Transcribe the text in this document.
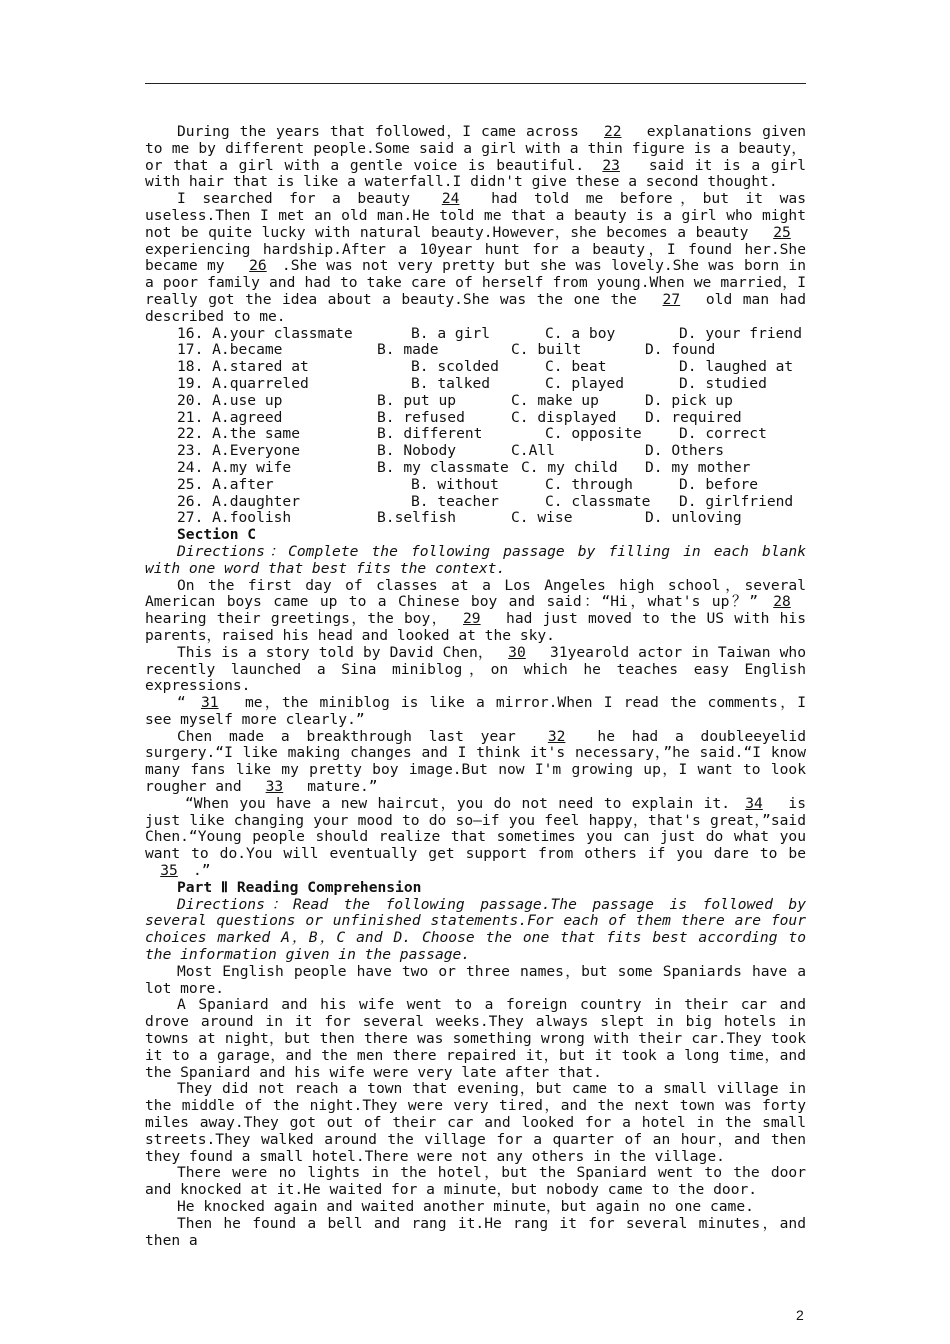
During the years that followed，I came across 22 explanations given to me by different people.Some said a girl with a thin figure is a beauty，or that a girl with a gentle voice is beautiful. 23 said it is a girl with hair that is like a waterfall.I didn't give these a second thought.

I searched for a beauty 24 had told me before，but it was useless.Then I met an old man.He told me that a beauty is a girl who might not be quite lucky with natural beauty.However，she becomes a beauty 25 experiencing hardship.After a 10year hunt for a beauty，I found her.She became my 26 .She was not very pretty but she was lovely.She was born in a poor family and had to take care of herself from young.When we married，I really got the idea about a beauty.She was the one the 27 old man had described to me.

16. A.your classmate	B. a girl	C. a boy	D. your friend
17. A.became	B. made	C. built	D. found
18. A.stared at	B. scolded	C. beat	D. laughed at
19. A.quarreled	B. talked	C. played	D. studied
20. A.use up	B. put up	C. make up	D. pick up
21. A.agreed	B. refused	C. displayed	D. required
22. A.the same	B. different	C. opposite	D. correct
23. A.Everyone	B. Nobody	C.All	D. Others
24. A.my wife	B. my classmate C. my child	D. my mother
25. A.after	B. without	C. through	D. before
26. A.daughter	B. teacher	C. classmate	D. girlfriend
27. A.foolish	B.selfish	C. wise	D. unloving

Section C

Directions：Complete the following passage by filling in each blank with one word that best fits the context.

On the first day of classes at a Los Angeles high school，several American boys came up to a Chinese boy and said：“Hi，what's up？” 28 hearing their greetings，the boy， 29 had just moved to the US with his parents，raised his head and looked at the sky.

This is a story told by David Chen， 30 31yearold actor in Taiwan who recently launched a Sina miniblog，on which he teaches easy English expressions.

“ 31 me，the miniblog is like a mirror.When I read the comments，I see myself more clearly.”

Chen made a breakthrough last year 32 he had a doubleeyelid surgery.“I like making changes and I think it's necessary，”he said.“I know many fans like my pretty boy image.But now I'm growing up，I want to look rougher and 33 mature.”

“When you have a new haircut，you do not need to explain it. 34 is just like changing your mood to do so—if you feel happy，that's great，”said Chen.“Young people should realize that sometimes you can just do what you want to do.You will eventually get support from others if you dare to be 35 .”

Part Ⅱ Reading Comprehension

Directions：Read the following passage.The passage is followed by several questions or unfinished statements.For each of them there are four choices marked A，B，C and D. Choose the one that fits best according to the information given in the passage.

Most English people have two or three names，but some Spaniards have a lot more.

A Spaniard and his wife went to a foreign country in their car and drove around in it for several weeks.They always slept in big hotels in towns at night，but then there was something wrong with their car.They took it to a garage，and the men there repaired it，but it took a long time，and the Spaniard and his wife were very late after that.

They did not reach a town that evening，but came to a small village in the middle of the night.They were very tired，and the next town was forty miles away.They got out of their car and looked for a hotel in the small streets.They walked around the village for a quarter of an hour，and then they found a small hotel.There were not any others in the village.

There were no lights in the hotel，but the Spaniard went to the door and knocked at it.He waited for a minute，but nobody came to the door.

He knocked again and waited another minute，but again no one came.

Then he found a bell and rang it.He rang it for several minutes，and then a

2
